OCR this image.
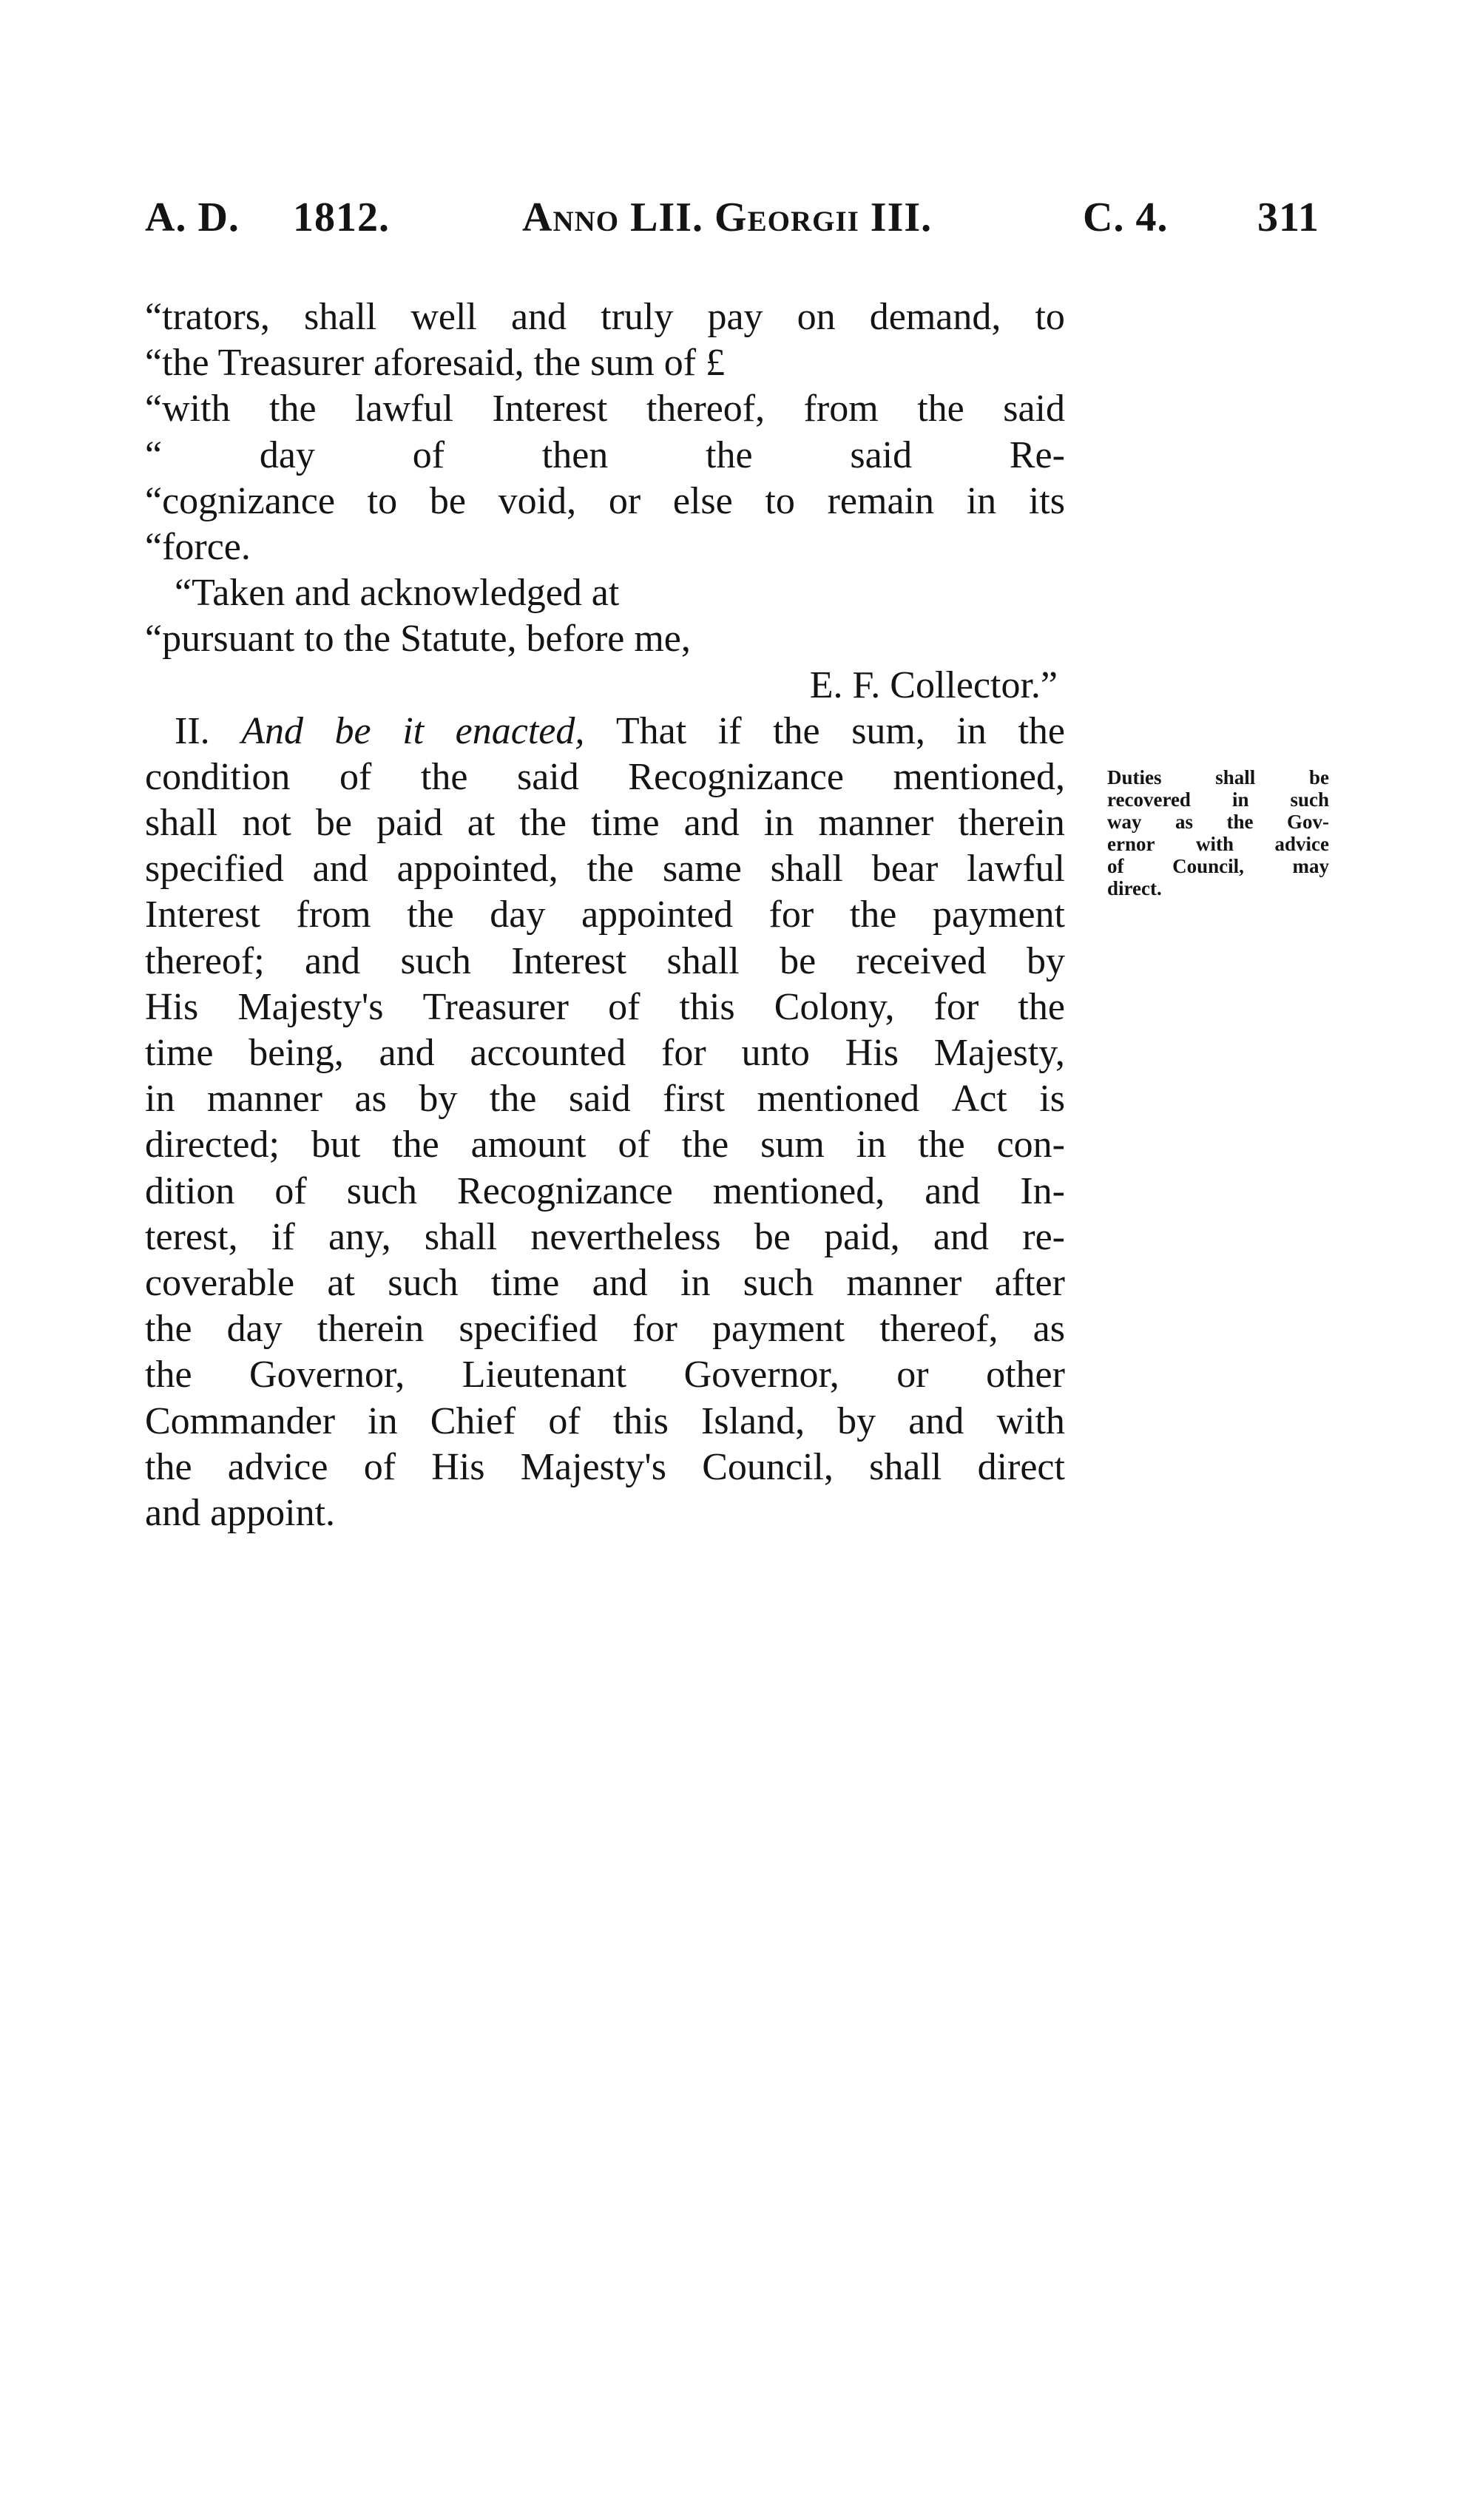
A. D. 1812.	Anno LII. Georgii III.	C. 4. 311
“trators, shall well and truly pay on demand, to
“the Treasurer aforesaid, the sum of £
“with the lawful Interest thereof, from the said
“	day	of	then	the	said	Re-
“cognizance to be void, or else to remain in its
“force.
“Taken and acknowledged at
“pursuant to the Statute, before me,
E. F. Collector.”
II. And be it enacted, That if the sum, in the
condition of the said Recognizance mentioned,
shall not be paid at the time and in manner therein
specified and appointed, the same shall bear lawful
Interest from the day appointed for the payment
thereof; and such Interest shall be received by
His Majesty's Treasurer of this Colony, for the
time being, and accounted for unto His Majesty,
in manner as by the said first mentioned Act is
directed; but the amount of the sum in the con-
dition of such Recognizance mentioned, and In-
terest, if any, shall nevertheless be paid, and re-
coverable at such time and in such manner after
the day therein specified for payment thereof, as
the Governor, Lieutenant Governor, or other
Commander in Chief of this Island, by and with
the advice of His Majesty's Council, shall direct
and appoint.
Duties	shall	be
recovered in such
way as the Gov-
ernor with advice
of Council, may
direct.
